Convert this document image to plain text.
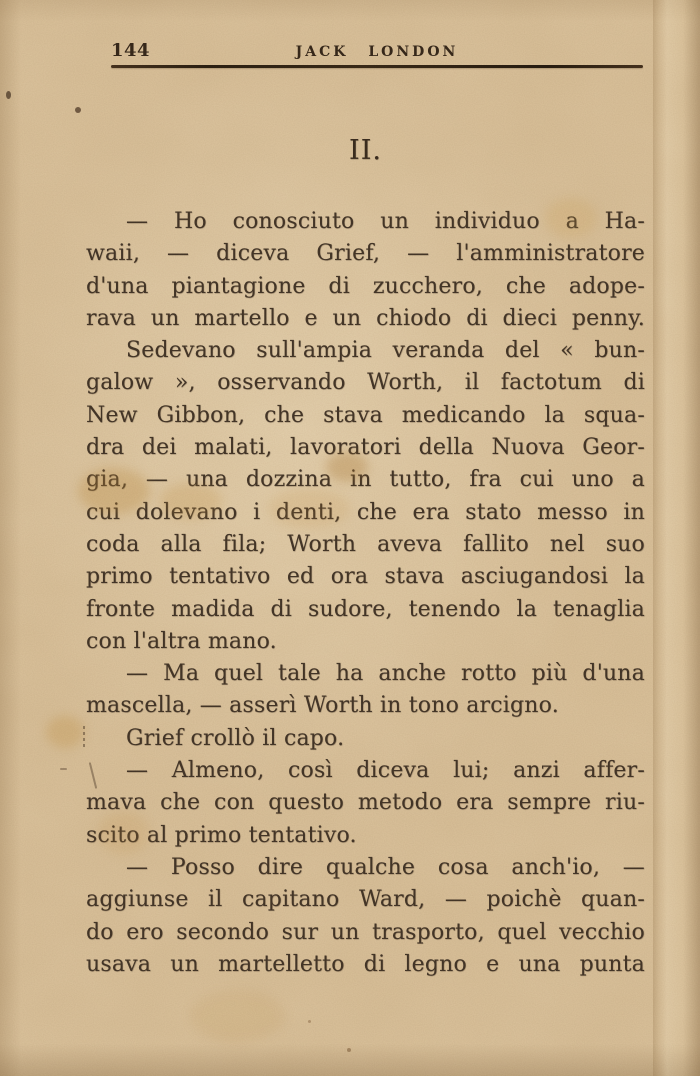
144	JACK LONDON
II.
— Ho conosciuto un individuo a Ha-
waii, — diceva Grief, — l'amministratore
d'una piantagione di zucchero, che adope-
rava un martello e un chiodo di dieci penny.
Sedevano sull'ampia veranda del « bun-
galow », osservando Worth, il factotum di
New Gibbon, che stava medicando la squa-
dra dei malati, lavoratori della Nuova Geor-
gia, — una dozzina in tutto, fra cui uno a
cui dolevano i denti, che era stato messo in
coda alla fila; Worth aveva fallito nel suo
primo tentativo ed ora stava asciugandosi la
fronte madida di sudore, tenendo la tenaglia
con l'altra mano.
— Ma quel tale ha anche rotto più d'una
mascella, — asserì Worth in tono arcigno.
Grief crollò il capo.
— Almeno, così diceva lui; anzi affer-
mava che con questo metodo era sempre riu-
scito al primo tentativo.
— Posso dire qualche cosa anch'io, —
aggiunse il capitano Ward, — poichè quan-
do ero secondo sur un trasporto, quel vecchio
usava un martelletto di legno e una punta
